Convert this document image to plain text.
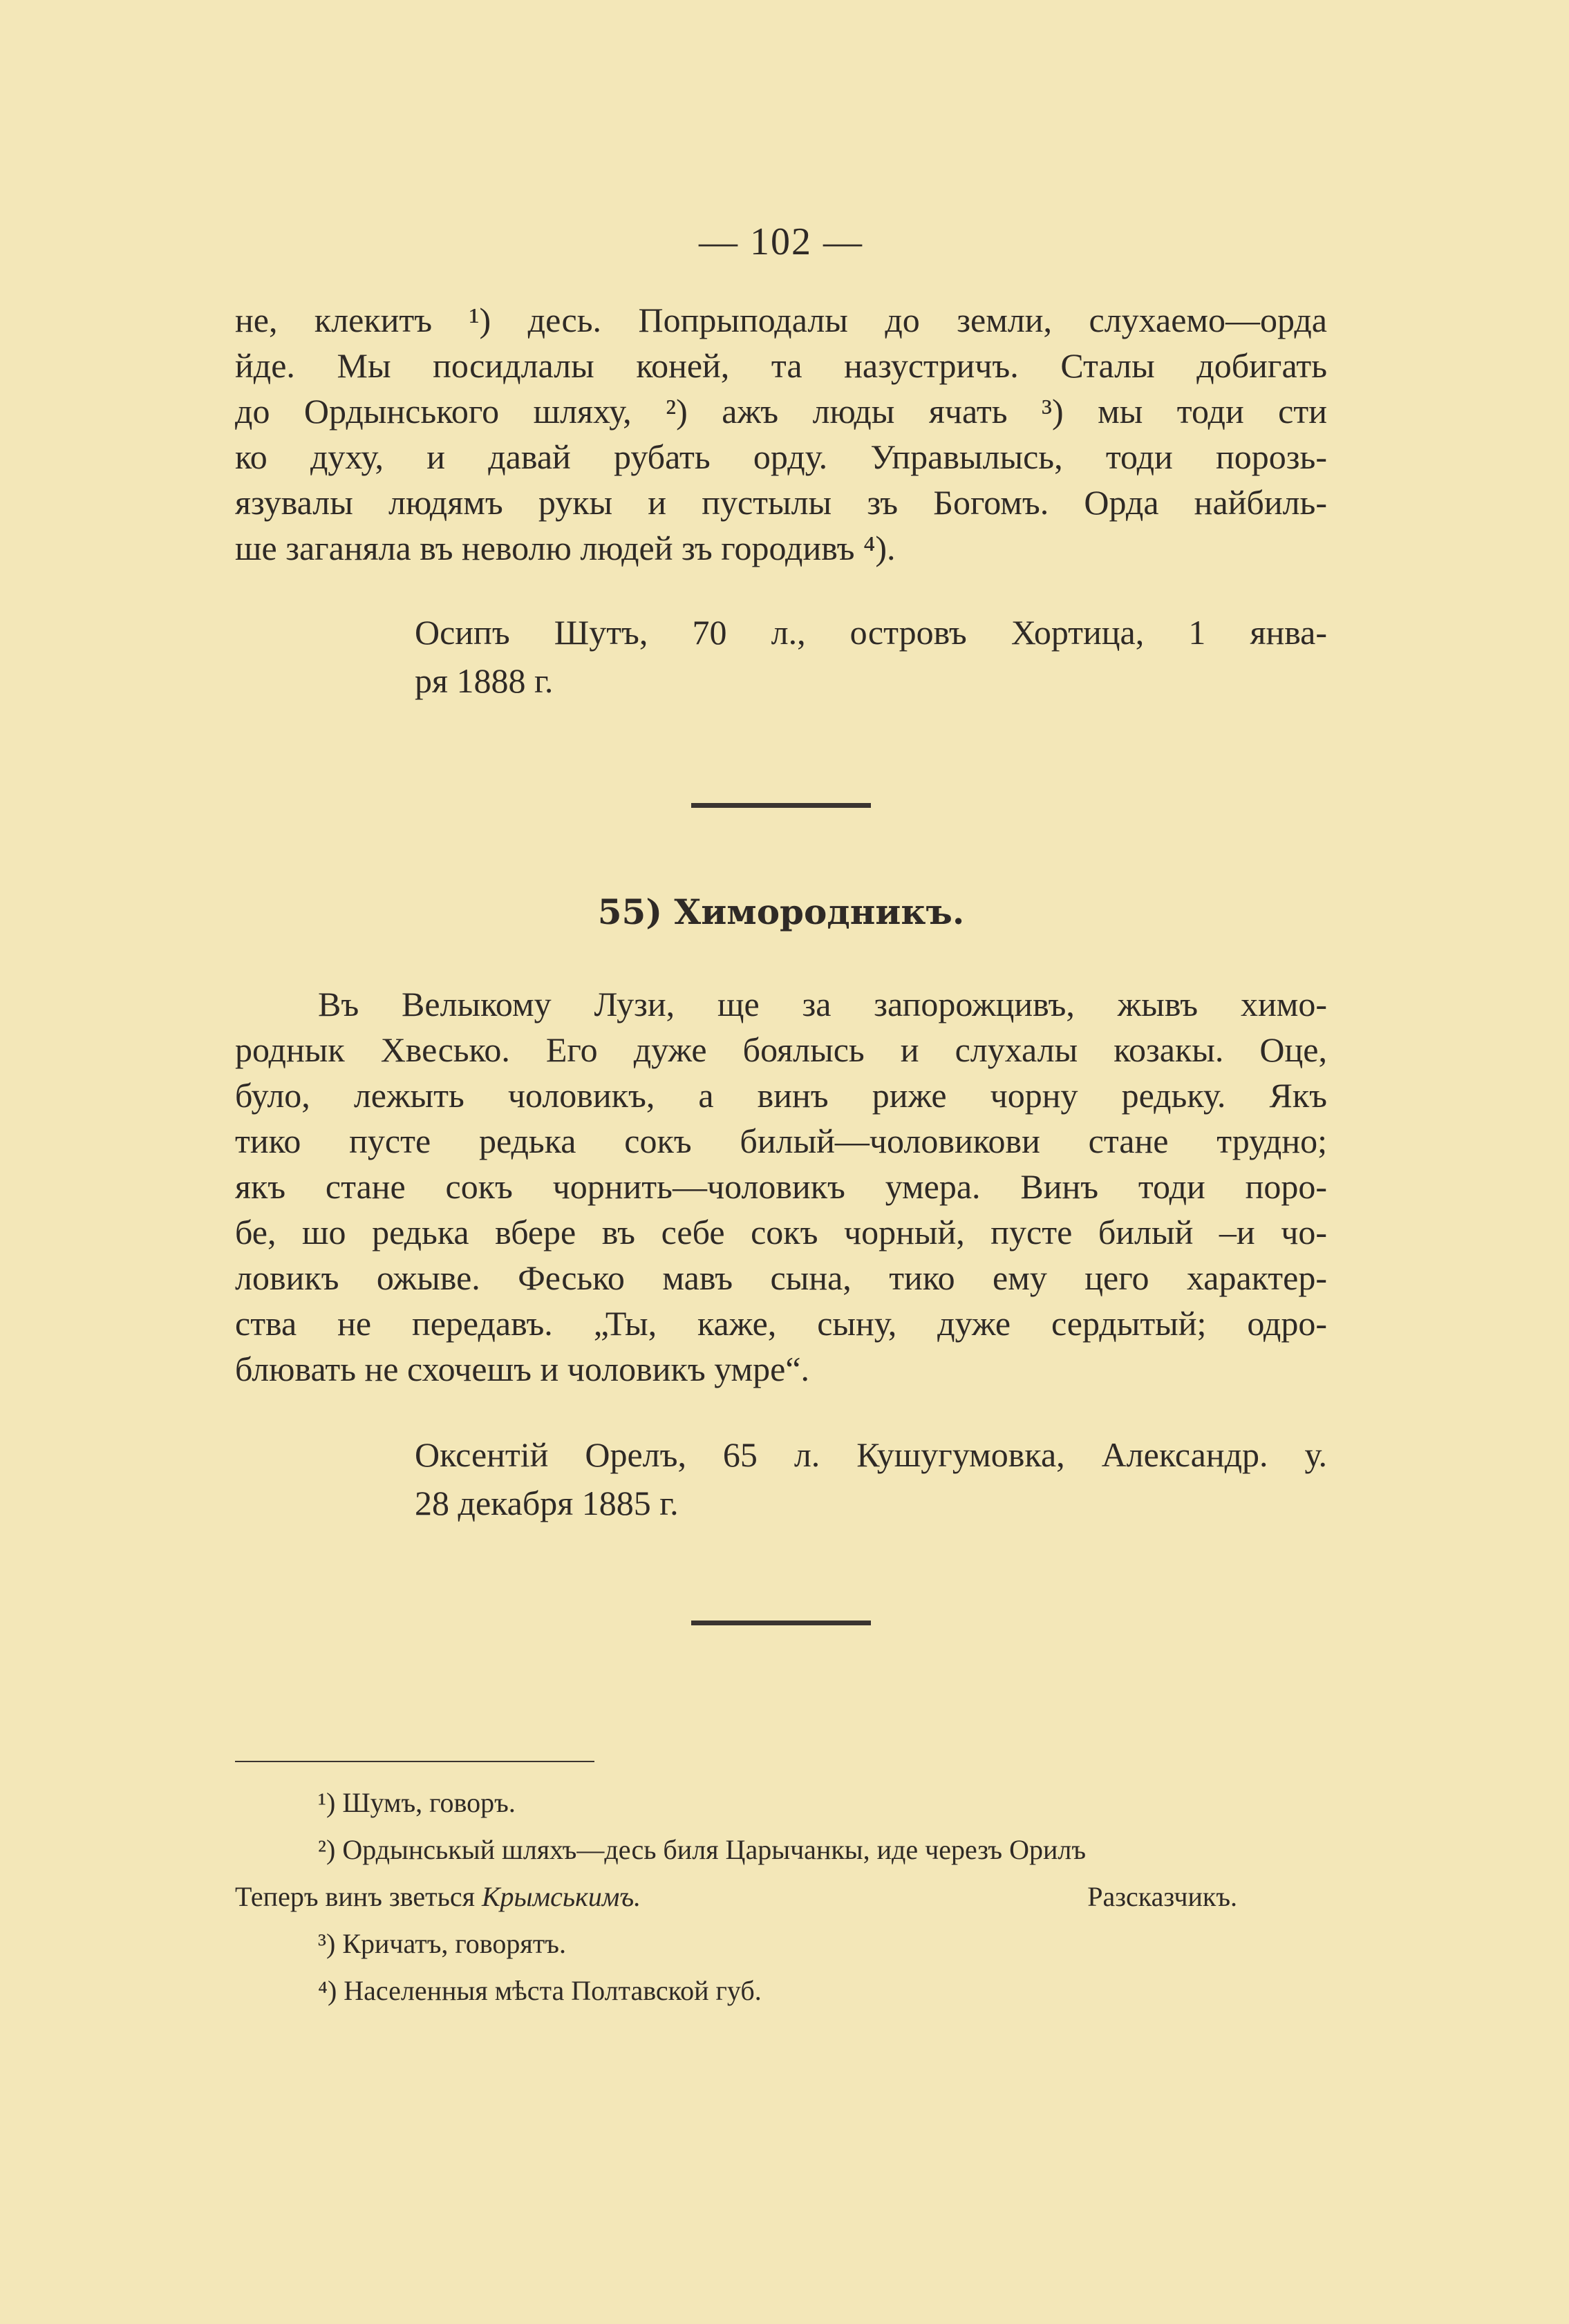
— 102 —
не, клекитъ ¹) десь. Попрыподалы до земли, слухаемо—орда
йде. Мы посидлалы коней, та назустричъ. Сталы добигать
до Ордынського шляху, ²) ажъ люды ячать ³) мы тоди сти
ко духу, и давай рубать орду. Управылысь, тоди порозь-
язувалы людямъ рукы и пустылы зъ Богомъ. Орда найбиль-
ше заганяла въ неволю людей зъ городивъ ⁴).
Осипъ Шутъ, 70 л., островъ Хортица, 1 янва-
ря 1888 г.
55) Химородникъ.
Въ Велыкому Лузи, ще за запорожцивъ, жывъ химо-
роднык Хвесько. Его дуже боялысь и слухалы козакы. Оце,
було, лежыть чоловикъ, а винъ риже чорну редьку. Якъ
тико пусте редька сокъ билый—чоловикови стане трудно;
якъ стане сокъ чорнить—чоловикъ умера. Винъ тоди поро-
бе, шо редька вбере въ себе сокъ чорный, пусте билый –и чо-
ловикъ ожыве. Фесько мавъ сына, тико ему цего характер-
ства не передавъ. „Ты, каже, сыну, дуже сердытый; одро-
блювать не схочешъ и чоловикъ умре“.
Оксентій Орелъ, 65 л. Кушугумовка, Александр. у.
28 декабря 1885 г.
¹) Шумъ, говоръ.
²) Ордынськый шляхъ—десь биля Царычанкы, иде черезъ Орилъ
Теперъ винъ зветься Крымськимъ.	Разсказчикъ.
³) Кричатъ, говорятъ.
⁴) Населенныя мѣста Полтавской губ.
